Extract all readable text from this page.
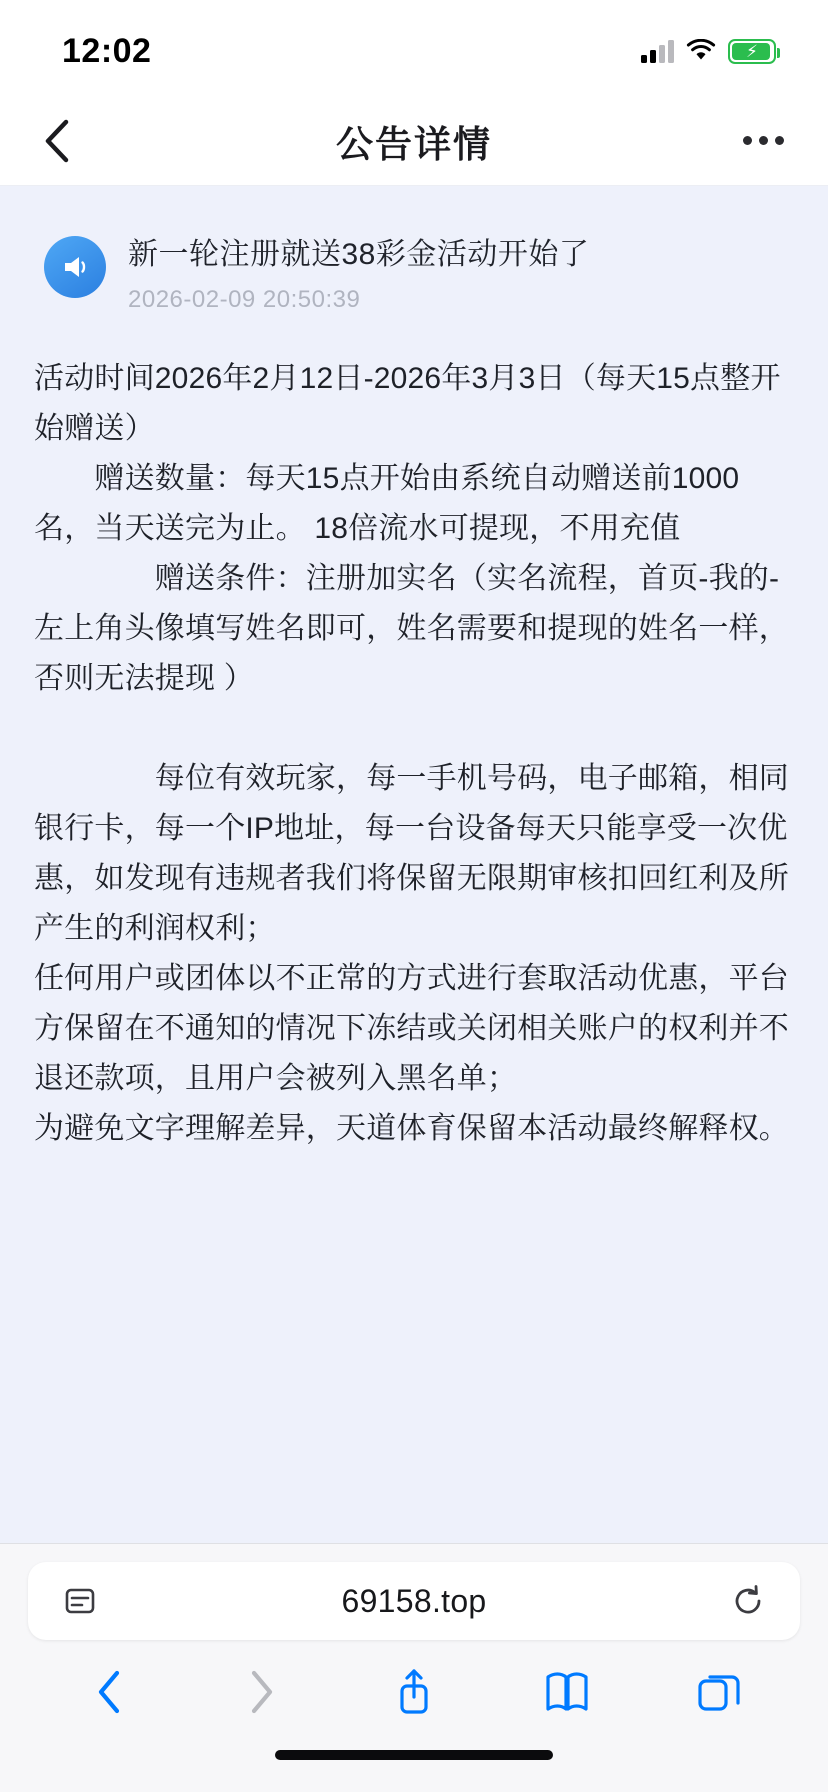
12:02	⚡
公告详情
新一轮注册就送38彩金活动开始了
2026-02-09 20:50:39

活动时间2026年2月12日-2026年3月3日（每天15点整开始赠送）

　　赠送数量：每天15点开始由系统自动赠送前1000名，当天送完为止。 18倍流水可提现，不用充值

　　　　赠送条件：注册加实名（实名流程，首页-我的-左上角头像填写姓名即可，姓名需要和提现的姓名一样，否则无法提现 ）

　　　　每位有效玩家，每一手机号码，电子邮箱，相同银行卡，每一个IP地址，每一台设备每天只能享受一次优惠，如发现有违规者我们将保留无限期审核扣回红利及所产生的利润权利；

任何用户或团体以不正常的方式进行套取活动优惠，平台方保留在不通知的情况下冻结或关闭相关账户的权利并不退还款项，且用户会被列入黑名单；

为避免文字理解差异，天道体育保留本活动最终解释权。

69158.top
